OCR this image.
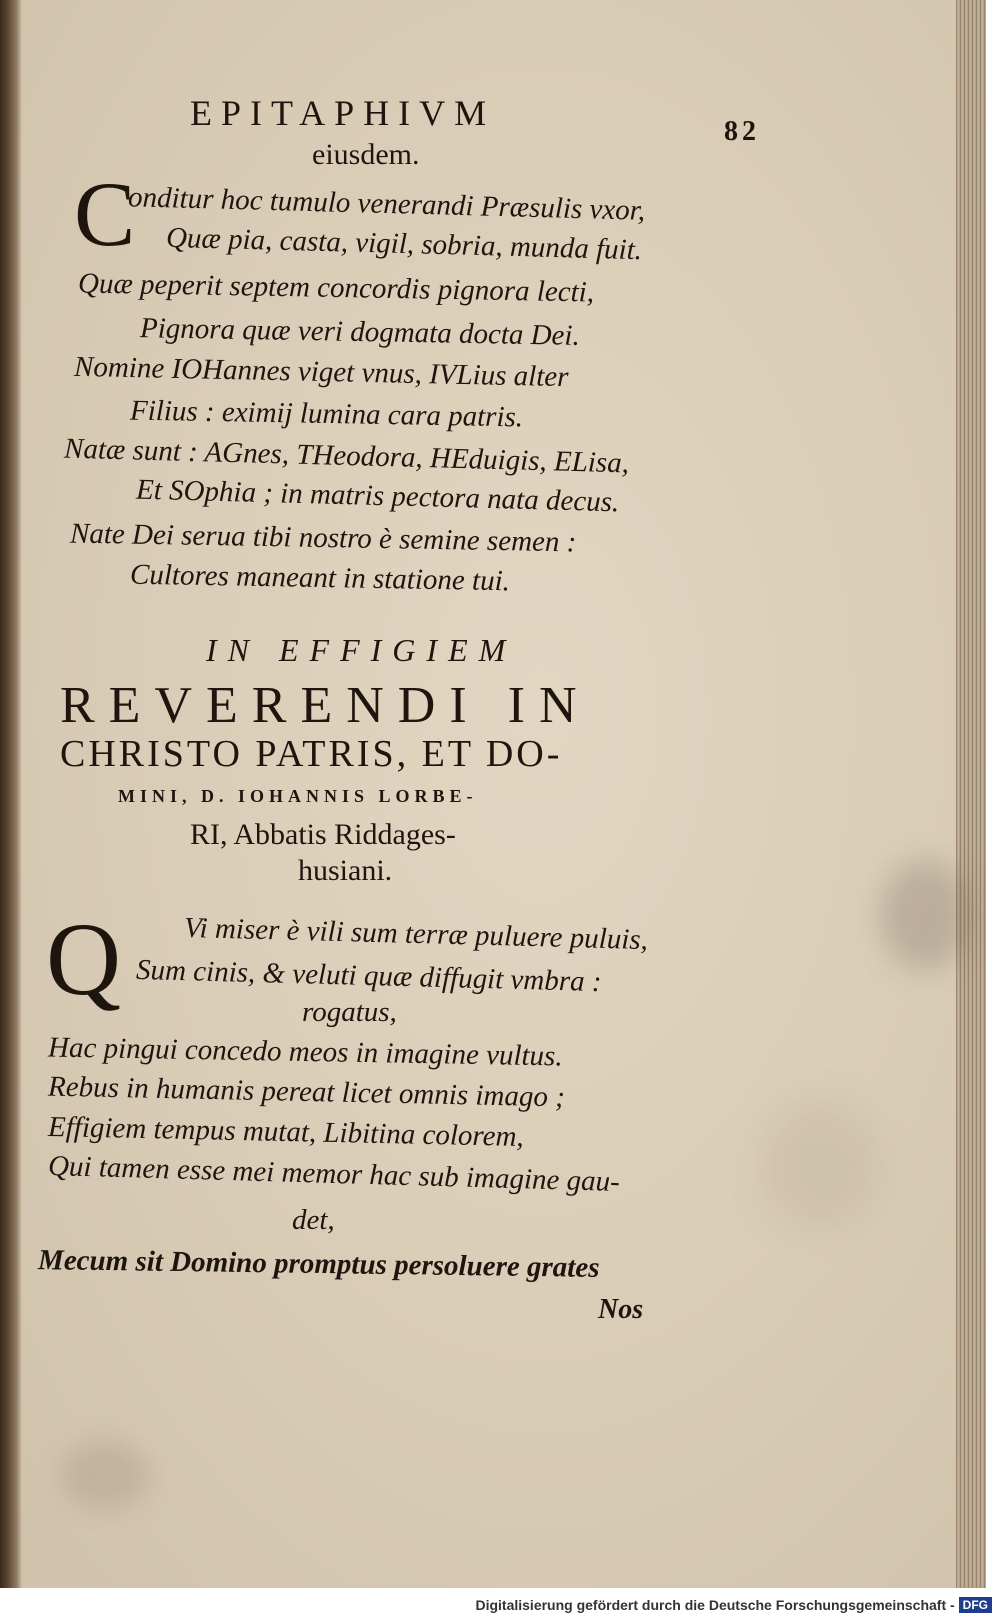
EPITAPHIVM
eiusdem.
82
C
onditur hoc tumulo venerandi Præsulis vxor,
Quæ pia, casta, vigil, sobria, munda fuit.
Quæ peperit septem concordis pignora lecti,
Pignora quæ veri dogmata docta Dei.
Nomine IOHannes viget vnus, IVLius alter
Filius : eximij lumina cara patris.
Natæ sunt : AGnes, THeodora, HEduigis, ELisa,
Et SOphia ; in matris pectora nata decus.
Nate Dei serua tibi nostro è semine semen :
Cultores maneant in statione tui.
IN EFFIGIEM
REVERENDI IN
CHRISTO PATRIS, ET DO-
MINI, D. IOHANNIS LORBE-
RI, Abbatis Riddages-
husiani.
Q Vi miser è vili sum terræ puluere puluis,
Sum cinis, & veluti quæ diffugit vmbra :
rogatus,
Hac pingui concedo meos in imagine vultus.
Rebus in humanis pereat licet omnis imago ;
Effigiem tempus mutat, Libitina colorem,
Qui tamen esse mei memor hac sub imagine gau-
det,
Mecum sit Domino promptus persoluere grates
Nos
Digitalisierung gefördert durch die Deutsche Forschungsgemeinschaft - DFG
